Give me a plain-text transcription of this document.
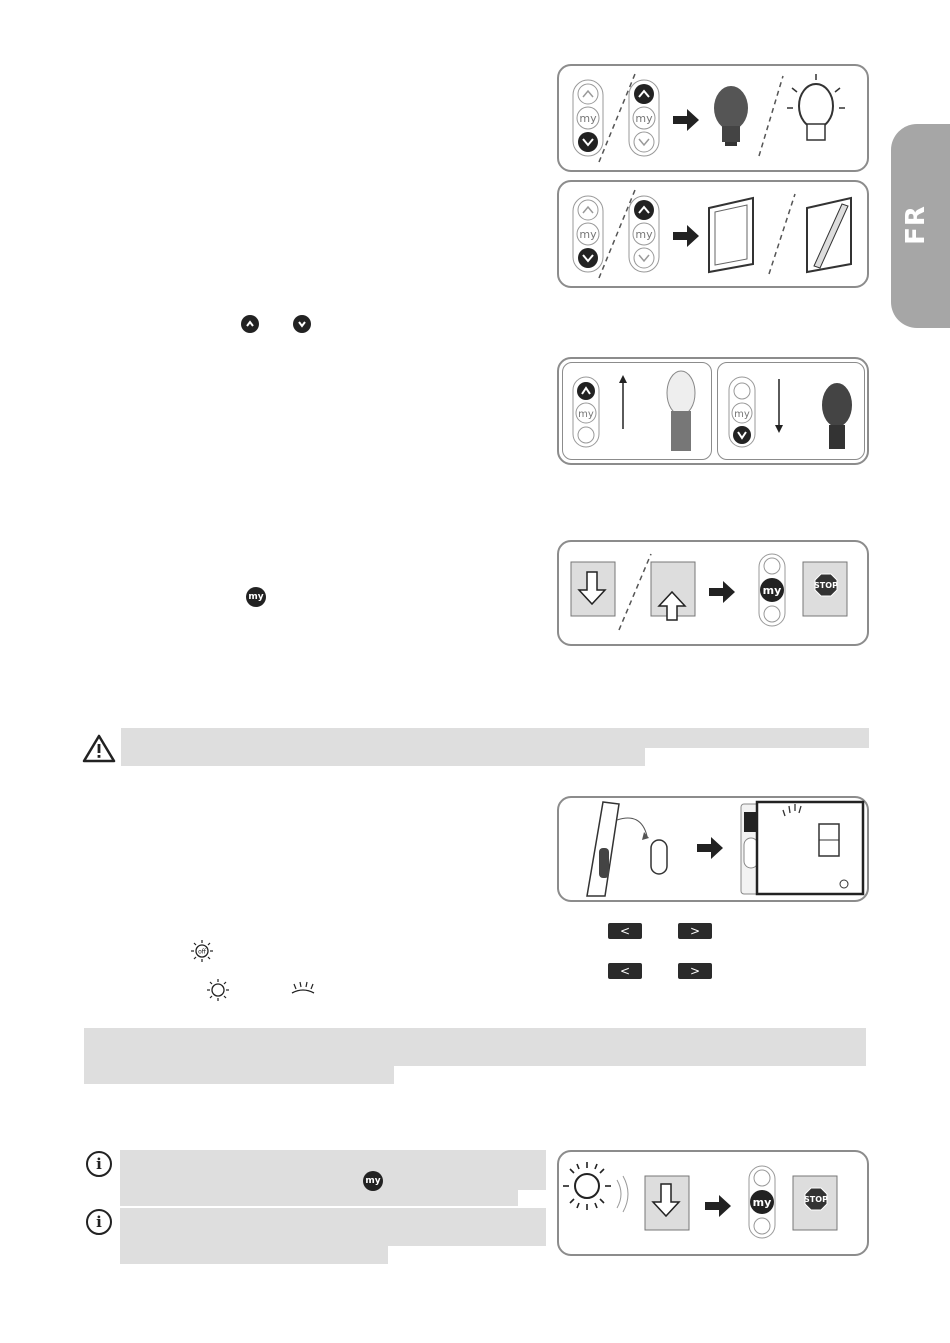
FR
my	my
my	my
my	my
my	STOP
my
off
<	>
<	>
i
my
i
my	STOP
